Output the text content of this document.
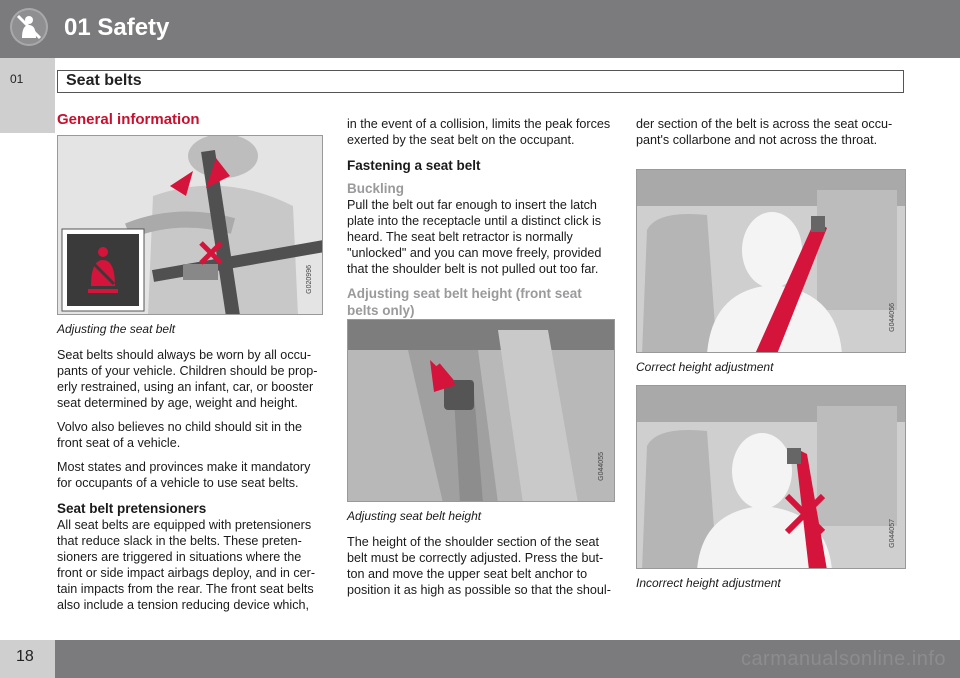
01 Safety
01	Seat belts
General information
G020996
Adjusting the seat belt

Seat belts should always be worn by all occu-pants of your vehicle. Children should be prop-erly restrained, using an infant, car, or booster seat determined by age, weight and height.

Volvo also believes no child should sit in the front seat of a vehicle.

Most states and provinces make it mandatory for occupants of a vehicle to use seat belts.

Seat belt pretensioners

All seat belts are equipped with pretensioners that reduce slack in the belts. These preten-sioners are triggered in situations where the front or side impact airbags deploy, and in cer-tain impacts from the rear. The front seat belts also include a tension reducing device which,

in the event of a collision, limits the peak forces exerted by the seat belt on the occupant.

Fastening a seat belt
Buckling

Pull the belt out far enough to insert the latch plate into the receptacle until a distinct click is heard. The seat belt retractor is normally "unlocked" and you can move freely, provided that the shoulder belt is not pulled out too far.

Adjusting seat belt height (front seat belts only)
G044055
Adjusting seat belt height

The height of the shoulder section of the seat belt must be correctly adjusted. Press the but-ton and move the upper seat belt anchor to position it as high as possible so that the shoul-

der section of the belt is across the seat occu-pant's collarbone and not across the throat.

G044056
Correct height adjustment
G044057
Incorrect height adjustment
18	carmanualsonline.info
